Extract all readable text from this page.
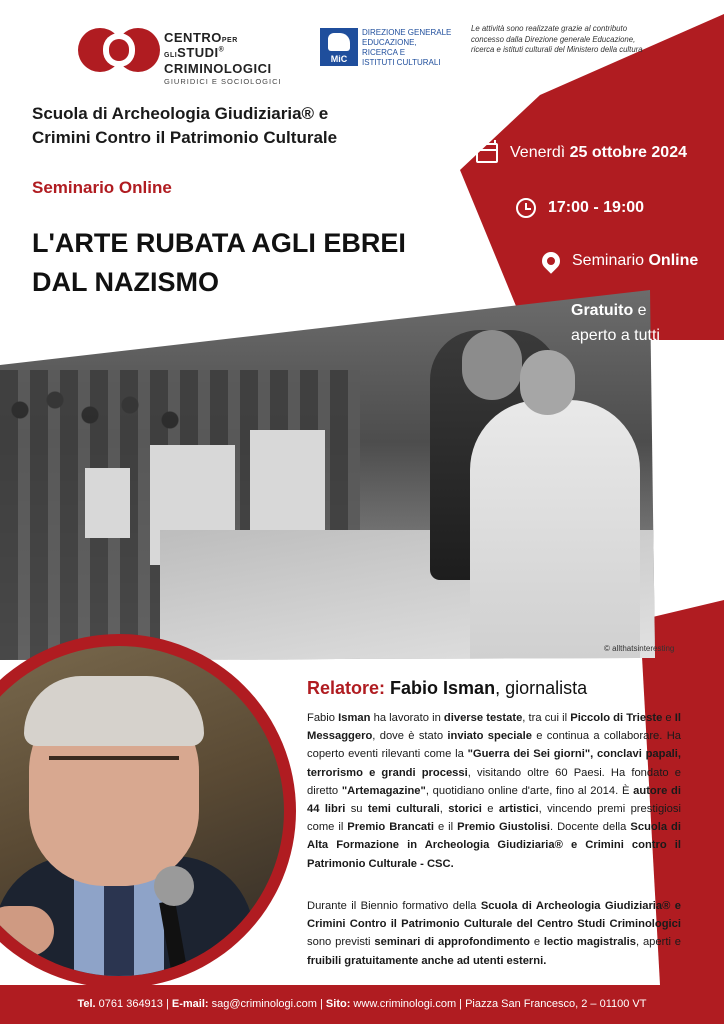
© allthatsinteresting
CENTROPER GLISTUDI®
CRIMINOLOGICI
GIURIDICI E SOCIOLOGICI
MiC
DIREZIONE GENERALE
EDUCAZIONE,
RICERCA E
ISTITUTI CULTURALI
Le attività sono realizzate grazie al contributo concesso dalla Direzione generale Educazione, ricerca e istituti culturali del Ministero della cultura
Scuola di Archeologia Giudiziaria® e
Crimini Contro il Patrimonio Culturale
Seminario Online
L'ARTE RUBATA AGLI EBREI
DAL NAZISMO
Venerdì 25 ottobre 2024
17:00 - 19:00
Seminario Online
Gratuito e
aperto a tutti
Relatore: Fabio Isman, giornalista
Fabio Isman ha lavorato in diverse testate, tra cui il Piccolo di Trieste e Il Messaggero, dove è stato inviato speciale e continua a collaborare. Ha coperto eventi rilevanti come la "Guerra dei Sei giorni", conclavi papali, terrorismo e grandi processi, visitando oltre 60 Paesi. Ha fondato e diretto "Artemagazine", quotidiano online d'arte, fino al 2014. È autore di 44 libri su temi culturali, storici e artistici, vincendo premi prestigiosi come il Premio Brancati e il Premio Giustolisi. Docente della Scuola di Alta Formazione in Archeologia Giudiziaria® e Crimini contro il Patrimonio Culturale - CSC.
Durante il Biennio formativo della Scuola di Archeologia Giudiziaria® e Crimini Contro il Patrimonio Culturale del Centro Studi Criminologici sono previsti seminari di approfondimento e lectio magistralis, aperti e fruibili gratuitamente anche ad utenti esterni.
Tel. 0761 364913 | E-mail: sag@criminologi.com | Sito: www.criminologi.com | Piazza San Francesco, 2 – 01100 VT
